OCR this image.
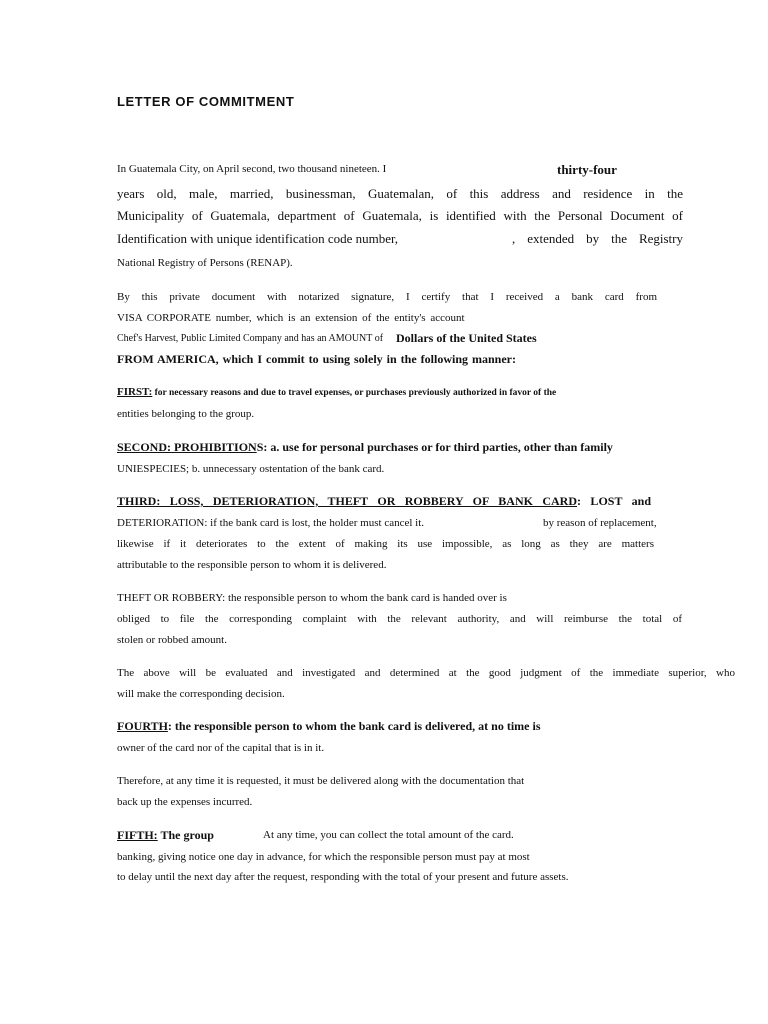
LETTER OF COMMITMENT
In Guatemala City, on April second, two thousand nineteen. I	thirty-four
years old, male, married, businessman, Guatemalan, of this address and residence in the
Municipality of Guatemala, department of Guatemala, is identified with the Personal Document of
Identification with unique identification code number,	, extended by the Registry
National Registry of Persons (RENAP).
By this private document with notarized signature, I certify that I received a bank card from
VISA CORPORATE number, which is an extension of the entity's account
Chef's Harvest, Public Limited Company and has an AMOUNT of Dollars of the United States
FROM AMERICA, which I commit to using solely in the following manner:
FIRST: for necessary reasons and due to travel expenses, or purchases previously authorized in favor of the
entities belonging to the group.
SECOND: PROHIBITIONS: a. use for personal purchases or for third parties, other than family
UNIESPECIES; b. unnecessary ostentation of the bank card.
THIRD: LOSS, DETERIORATION, THEFT OR ROBBERY OF BANK CARD: LOST and
DETERIORATION: if the bank card is lost, the holder must cancel it.	by reason of replacement,
likewise if it deteriorates to the extent of making its use impossible, as long as they are matters
attributable to the responsible person to whom it is delivered.
THEFT OR ROBBERY: the responsible person to whom the bank card is handed over is
obliged to file the corresponding complaint with the relevant authority, and will reimburse the total of
stolen or robbed amount.
The above will be evaluated and investigated and determined at the good judgment of the immediate superior, who
will make the corresponding decision.
FOURTH: the responsible person to whom the bank card is delivered, at no time is
owner of the card nor of the capital that is in it.
Therefore, at any time it is requested, it must be delivered along with the documentation that
back up the expenses incurred.
FIFTH: The group	At any time, you can collect the total amount of the card.
banking, giving notice one day in advance, for which the responsible person must pay at most
to delay until the next day after the request, responding with the total of your present and future assets.
